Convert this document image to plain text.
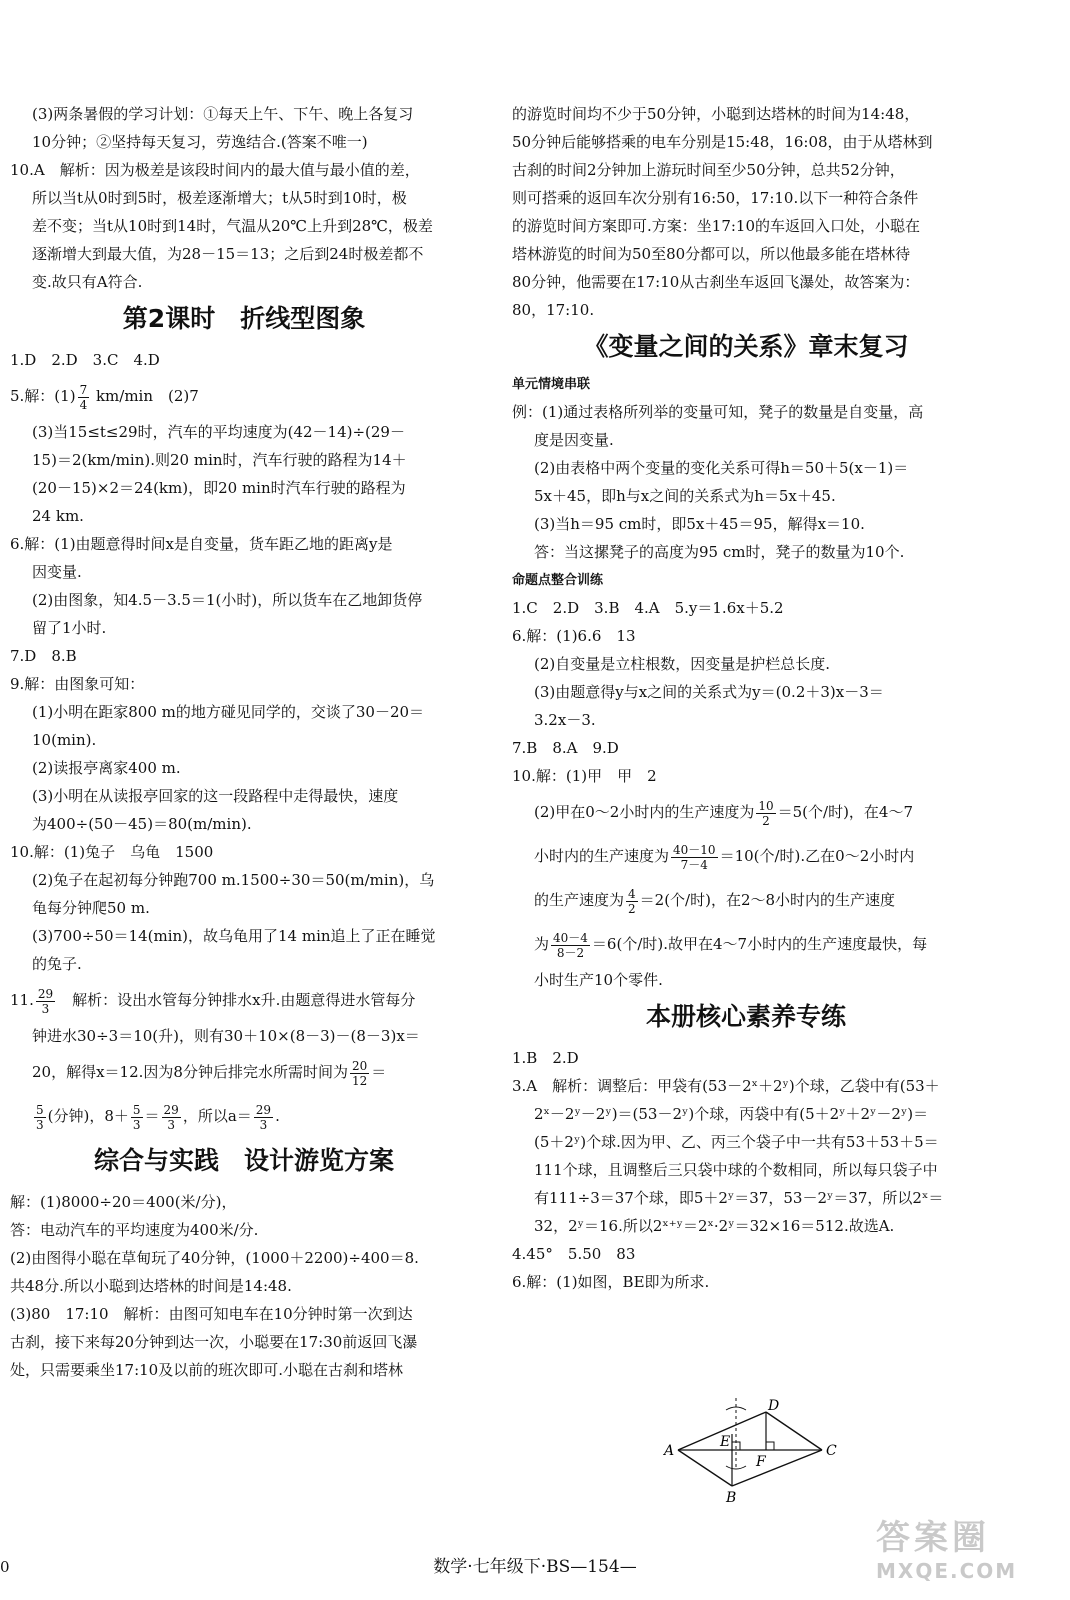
(3)两条暑假的学习计划：①每天上午、下午、晚上各复习

10分钟；②坚持每天复习，劳逸结合.(答案不唯一)

10.A　解析：因为极差是该段时间内的最大值与最小值的差，

所以当t从0时到5时，极差逐渐增大；t从5时到10时，极

差不变；当t从10时到14时，气温从20℃上升到28℃，极差

逐渐增大到最大值，为28－15＝13；之后到24时极差都不

变.故只有A符合.

第2课时　折线型图象

1.D　2.D　3.C　4.D

5.解：$(1) \frac{7}{4} km/\min$　(2)7

(3)当15≤t≤29时，汽车的平均速度为(42－14)÷(29－

15)＝2(km/min).则20 min时，汽车行驶的路程为14＋

(20－15)×2＝24(km)，即20 min时汽车行驶的路程为

24 km.

6.解：(1)由题意得时间x是自变量，货车距乙地的距离y是

因变量.

(2)由图象，知4.5－3.5＝1(小时)，所以货车在乙地卸货停

留了1小时.

7.D　8.B

9.解：由图象可知：

(1)小明在距家800 m的地方碰见同学的，交谈了30－20＝

10(min).

(2)读报亭离家400 m.

(3)小明在从读报亭回家的这一段路程中走得最快，速度

为400÷(50－45)＝80(m/min).

10.解：(1)兔子　乌龟　1500

(2)兔子在起初每分钟跑700 m.1500÷30＝50(m/min)，乌

龟每分钟爬50 m.

(3)700÷50＝14(min)，故乌龟用了14 min追上了正在睡觉

的兔子.

11. $\frac{29}{3}$ 　解析：设出水管每分钟排水x升.由题意得进水管每分

钟进水30÷3＝10(升)，则有30＋10×(8－3)－(8－3)x＝

20，解得x＝12.因为8分钟后排完水所需时间为 $\frac{20}{12}$ ＝

$\frac{5}{3}$ (分钟)，$8+ \frac{5}{3} = \frac{29}{3}$ ，所以$a= \frac{29}{3}$ .

综合与实践　设计游览方案

解：(1)8000÷20＝400(米/分)，

答：电动汽车的平均速度为400米/分.

(2)由图得小聪在草甸玩了40分钟，(1000＋2200)÷400＝8.

共48分.所以小聪到达塔林的时间是14:48.

(3)80　17:10　解析：由图可知电车在10分钟时第一次到达

古刹，接下来每20分钟到达一次，小聪要在17:30前返回飞瀑

处，只需要乘坐17:10及以前的班次即可.小聪在古刹和塔林

的游览时间均不少于50分钟，小聪到达塔林的时间为14:48，

50分钟后能够搭乘的电车分别是15:48，16:08，由于从塔林到

古刹的时间2分钟加上游玩时间至少50分钟，总共52分钟，

则可搭乘的返回车次分别有16:50，17:10.以下一种符合条件

的游览时间方案即可.方案：坐17:10的车返回入口处，小聪在

塔林游览的时间为50至80分都可以，所以他最多能在塔林待

80分钟，他需要在17:10从古刹坐车返回飞瀑处，故答案为：

80，17:10.

《变量之间的关系》章末复习
单元情境串联

例：(1)通过表格所列举的变量可知，凳子的数量是自变量，高

度是因变量.

(2)由表格中两个变量的变化关系可得h＝50＋5(x－1)＝

5x＋45，即h与x之间的关系式为h＝5x＋45.

(3)当h＝95 cm时，即5x＋45＝95，解得x＝10.

答：当这摞凳子的高度为95 cm时，凳子的数量为10个.

命题点整合训练

1.C　2.D　3.B　4.A　5.y＝1.6x＋5.2

6.解：(1)6.6　13

(2)自变量是立柱根数，因变量是护栏总长度.

(3)由题意得y与x之间的关系式为y＝(0.2＋3)x－3＝

3.2x－3.

7.B　8.A　9.D

10.解：(1)甲　甲　2

(2)甲在0～2小时内的生产速度为 $\frac{10}{2} =5$(个/时)，在4～7

小时内的生产速度为 $\frac{40-10}{7-4} =10$(个/时).乙在0～2小时内

的生产速度为 $\frac{4}{2} =2$(个/时)，在2～8小时内的生产速度

为 $\frac{40-4}{8-2} =6$(个/时).故甲在4～7小时内的生产速度最快，每

小时生产10个零件.

本册核心素养专练

1.B　2.D

3.A　解析：调整后：甲袋有(53－2ˣ＋2ʸ)个球，乙袋中有(53＋

2ˣ－2ʸ－2ʸ)＝(53－2ʸ)个球，丙袋中有(5＋2ʸ＋2ʸ－2ʸ)＝

(5＋2ʸ)个球.因为甲、乙、丙三个袋子中一共有53＋53＋5＝

111个球，且调整后三只袋中球的个数相同，所以每只袋子中

有111÷3＝37个球，即5＋2ʸ＝37，53－2ʸ＝37，所以2ˣ＝

32，2ʸ＝16.所以2ˣ⁺ʸ＝2ˣ·2ʸ＝32×16＝512.故选A.

4.45°　5.50　83

6.解：(1)如图，BE即为所求.

A	C
D
B
E
F
0	数学·七年级下·BS—154—
答案圈
MXQE.COM
